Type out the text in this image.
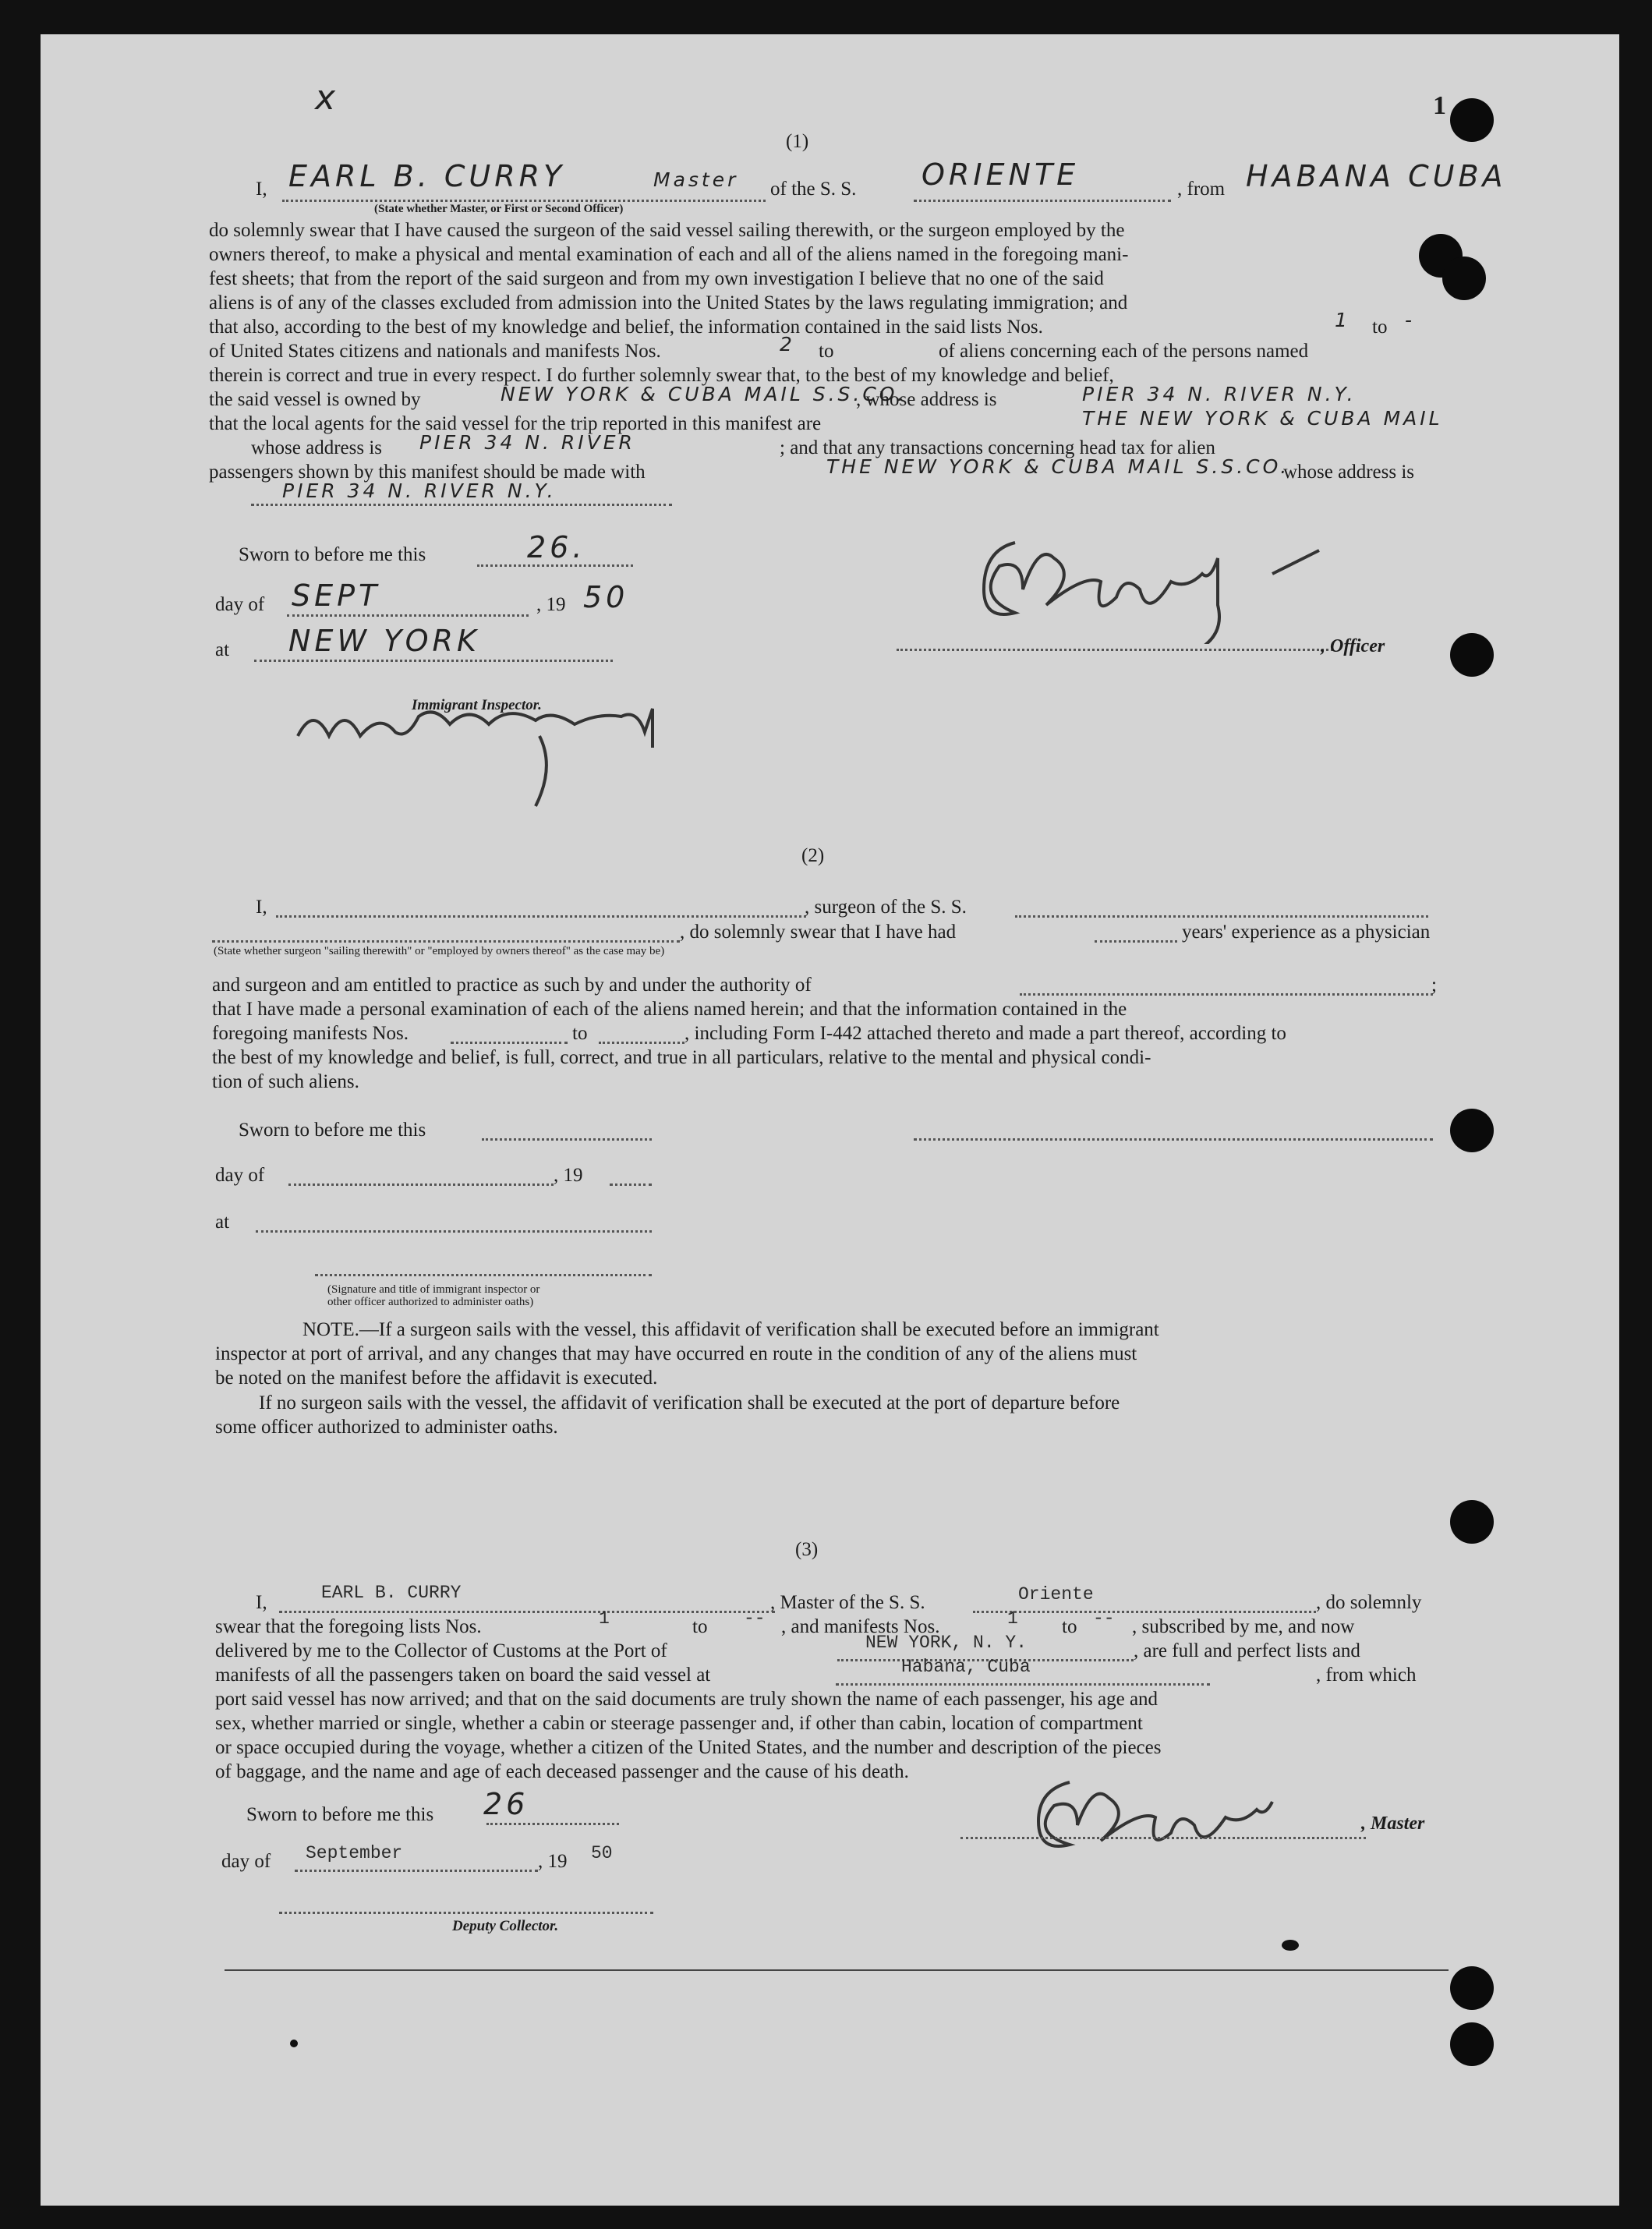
x	1
(1)
I, EARL B. CURRY	Master of the S. S. ORIENTE	, from HABANA CUBA
(State whether Master, or First or Second Officer)
do solemnly swear that I have caused the surgeon of the said vessel sailing therewith, or the surgeon employed by the
owners thereof, to make a physical and mental examination of each and all of the aliens named in the foregoing mani-
fest sheets; that from the report of the said surgeon and from my own investigation I believe that no one of the said
aliens is of any of the classes excluded from admission into the United States by the laws regulating immigration; and
that also, according to the best of my knowledge and belief, the information contained in the said lists Nos.	1 to -
of United States citizens and nationals and manifests Nos.	2 to	of aliens concerning each of the persons named
therein is correct and true in every respect. I do further solemnly swear that, to the best of my knowledge and belief,
the said vessel is owned by	NEW YORK & CUBA MAIL S.S.CO.
, whose address is	PIER 34 N. RIVER N.Y.
that the local agents for the said vessel for the trip reported in this manifest are	THE NEW YORK & CUBA MAIL
whose address is PIER 34 N. RIVER	; and that any transactions concerning head tax for alien
passengers shown by this manifest should be made with	THE NEW YORK & CUBA MAIL S.S.CO.
whose address is
PIER 34 N. RIVER N.Y.
Sworn to before me this	26.
day of SEPT	, 19 50
at NEW YORK
Immigrant Inspector.
, Officer
(2)
I,	, surgeon of the S. S.
, do solemnly swear that I have had	years' experience as a physician
(State whether surgeon "sailing therewith" or "employed by owners thereof" as the case may be)
and surgeon and am entitled to practice as such by and under the authority of	;
that I have made a personal examination of each of the aliens named herein; and that the information contained in the
foregoing manifests Nos.	to	, including Form I-442 attached thereto and made a part thereof, according to
the best of my knowledge and belief, is full, correct, and true in all particulars, relative to the mental and physical condi-
tion of such aliens.
Sworn to before me this
day of	, 19
at
(Signature and title of immigrant inspector or
other officer authorized to administer oaths)
NOTE.—If a surgeon sails with the vessel, this affidavit of verification shall be executed before an immigrant
inspector at port of arrival, and any changes that may have occurred en route in the condition of any of the aliens must
be noted on the manifest before the affidavit is executed.
If no surgeon sails with the vessel, the affidavit of verification shall be executed at the port of departure before
some officer authorized to administer oaths.
(3)
I,	EARL B. CURRY	, Master of the S. S.	Oriente	, do solemnly
swear that the foregoing lists Nos.	1	to -- , and manifests Nos.	1 to -- , subscribed by me, and now
delivered by me to the Collector of Customs at the Port of	NEW YORK, N. Y.	, are full and perfect lists and
manifests of all the passengers taken on board the said vessel at	Habana, Cuba	, from which
port said vessel has now arrived; and that on the said documents are truly shown the name of each passenger, his age and
sex, whether married or single, whether a cabin or steerage passenger and, if other than cabin, location of compartment
or space occupied during the voyage, whether a citizen of the United States, and the number and description of the pieces
of baggage, and the name and age of each deceased passenger and the cause of his death.
Sworn to before me this 26
day of September	, 19 50
Deputy Collector.
, Master
